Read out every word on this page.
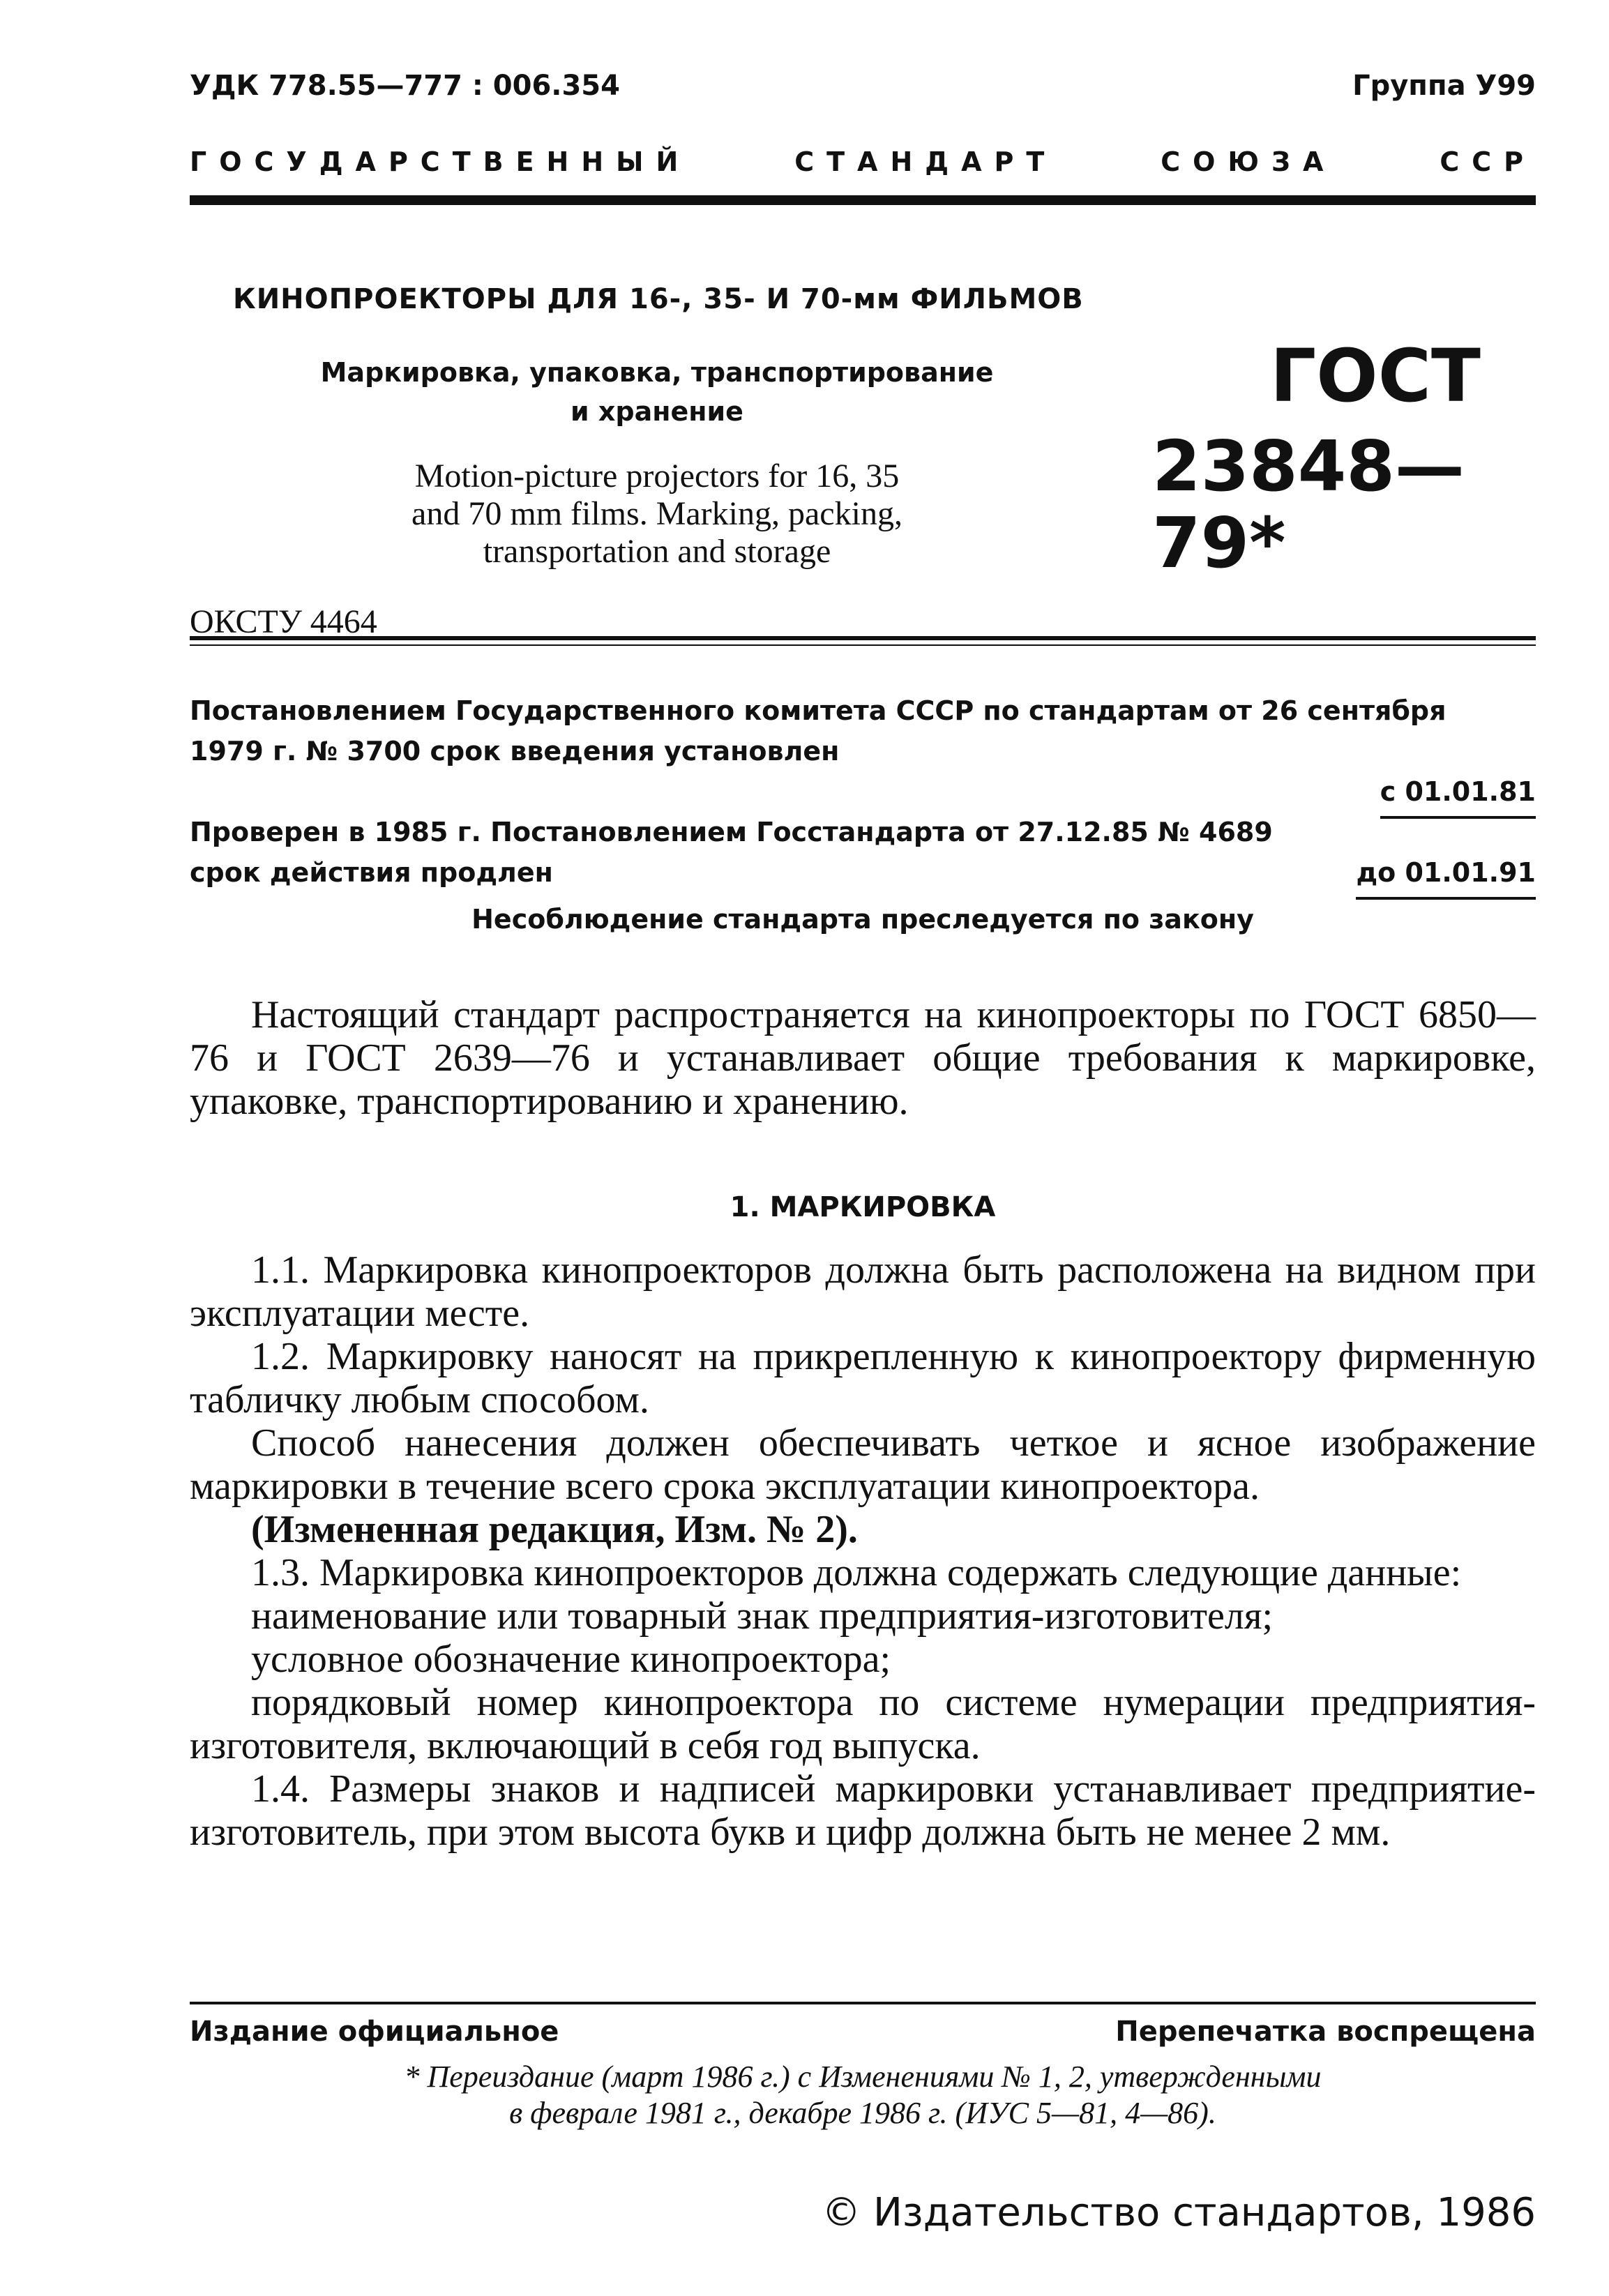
УДК 778.55—777 : 006.354	Группа У99
ГОСУДАРСТВЕННЫЙ	СТАНДАРТ	СОЮЗА	ССР
КИНОПРОЕКТОРЫ ДЛЯ 16-, 35- И 70-мм ФИЛЬМОВ
Маркировка, упаковка, транспортирование
и хранение
Motion-picture projectors for 16, 35
and 70 mm films. Marking, packing,
transportation and storage
ОКСТУ 4464
ГОСТ
23848—79*
Постановлением Государственного комитета СССР по стандартам от 26 сентября
1979 г. № 3700 срок введения установлен
с 01.01.81
Проверен в 1985 г. Постановлением Госстандарта от 27.12.85 № 4689
срок действия продлен	до 01.01.91
Несоблюдение стандарта преследуется по закону
Настоящий стандарт распространяется на кинопроекторы по ГОСТ 6850—76 и ГОСТ 2639—76 и устанавливает общие требования к маркировке, упаковке, транспортированию и хранению.
1. МАРКИРОВКА
1.1. Маркировка кинопроекторов должна быть расположена на видном при эксплуатации месте.
1.2. Маркировку наносят на прикрепленную к кинопроектору фирменную табличку любым способом.
Способ нанесения должен обеспечивать четкое и ясное изображение маркировки в течение всего срока эксплуатации кинопроектора.
(Измененная редакция, Изм. № 2).
1.3. Маркировка кинопроекторов должна содержать следующие данные:
наименование или товарный знак предприятия-изготовителя;
условное обозначение кинопроектора;
порядковый номер кинопроектора по системе нумерации предприятия-изготовителя, включающий в себя год выпуска.
1.4. Размеры знаков и надписей маркировки устанавливает предприятие-изготовитель, при этом высота букв и цифр должна быть не менее 2 мм.
Издание официальное	Перепечатка воспрещена
* Переиздание (март 1986 г.) с Изменениями № 1, 2, утвержденными
в феврале 1981 г., декабре 1986 г. (ИУС 5—81, 4—86).
© Издательство стандартов, 1986
